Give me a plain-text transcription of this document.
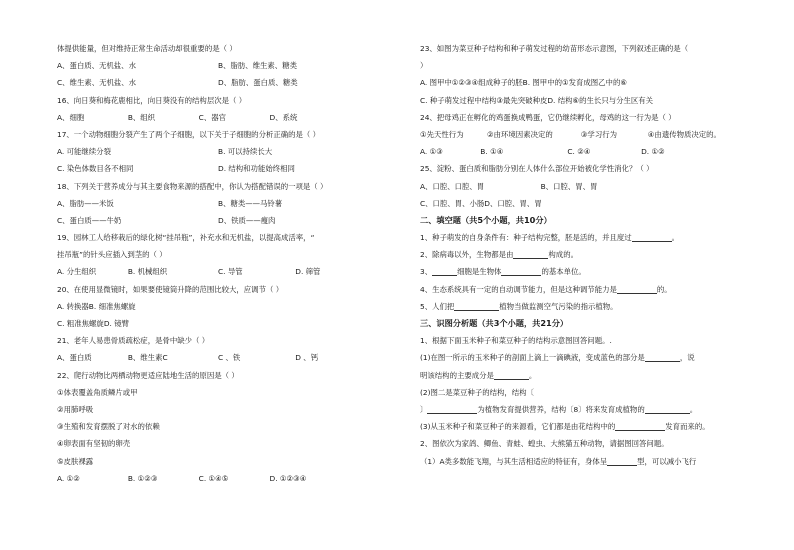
体提供能量，但对维持正常生命活动却很重要的是（ ）
A、蛋白质、无机盐、水	B、脂肪、维生素、糖类
C、维生素、无机盐、水	D、脂肪、蛋白质、糖类
16、向日葵和梅花鹿相比，向日葵没有的结构层次是（ ）
A、细胞	B、组织	C、器官	D、系统
17、一个动物细胞分裂产生了两个子细胞，以下关于子细胞的分析正确的是（ ）
A. 可能继续分裂	B. 可以持续长大
C. 染色体数目各不相同	D. 结构和功能始终相同
18、下列关于营养成分与其主要食物来源的搭配中，你认为搭配错误的一项是（ ）
A、脂肪——米饭	B、糖类——马铃薯
C、蛋白质——牛奶	D、铁质——瘦肉
19、园林工人给移栽后的绿化树“挂吊瓶”，补充水和无机盐，以提高成活率，“
挂吊瓶”的针头应插入到茎的（ ）
A. 分生组织	B. 机械组织	C. 导管	D. 筛管
20、在使用显微镜时，如果要使镜筒升降的范围比较大，应调节（ ）
A. 转换器B. 细准焦螺旋
C. 粗准焦螺旋D. 镜臂
21、老年人易患骨质疏松症，是骨中缺少（ ）
A、蛋白质	B、维生素C	C 、铁	D 、钙
22、爬行动物比两栖动物更适应陆地生活的原因是（ ）
①体表覆盖角质鳞片或甲
②用肺呼吸
③生殖和发育摆脱了对水的依赖
④卵表面有坚韧的卵壳
⑤皮肤裸露
A. ①②	B. ①②③	C. ①④⑤	D. ①②③④
23、如图为菜豆种子结构和种子萌发过程的幼苗形态示意图，下列叙述正确的是（
）
A. 图甲中①②③④组成种子的胚B. 图甲中的①发育成图乙中的⑥
C. 种子萌发过程中结构③最先突破种皮D. 结构⑥的生长只与分生区有关
24、把母鸡正在孵化的鸡蛋换成鸭蛋，它仍继续孵化，母鸡的这一行为是（ ）
①先天性行为	②由环境因素决定的	③学习行为	④由遗传物质决定的。
A. ①③	B. ①④	C. ②④	D. ①②
25、淀粉、蛋白质和脂肪分别在人体什么部位开始被化学性消化？（ ）
A、口腔、口腔、胃	B、口腔、胃、胃
C、口腔、胃、小肠D、口腔、胃、胃
二、填空题（共5个小题，共10分）
1、种子萌发的自身条件有：种子结构完整，胚是活的，并且度过	。
2、除病毒以外，生物都是由	构成的。
3、	细胞是生物体	的基本单位。
4、生态系统具有一定的自动调节能力，但是这种调节能力是	的。
5、人们把	植物当做监测空气污染的指示植物。
三、识图分析题（共3个小题，共21分）
1、根据下面玉米种子和菜豆种子的结构示意图回答问题。.
(1)在图一所示的玉米种子的剖面上滴上一滴碘液，变成蓝色的部分是	，说
明该结构的主要成分是	。
(2)图二是菜豆种子的结构，结构〔
〕	为植物发育提供营养，结构〔8〕将来发育成植物的	。
(3)从玉米种子和菜豆种子的来源看，它们都是由花结构中的	发育而来的。
2、图依次为家鸽、鲫鱼、青蛙、蝗虫、大熊猫五种动物，请据图回答问题。
（1）A类多数能飞翔，与其生活相适应的特征有，身体呈	型，可以减小飞行
